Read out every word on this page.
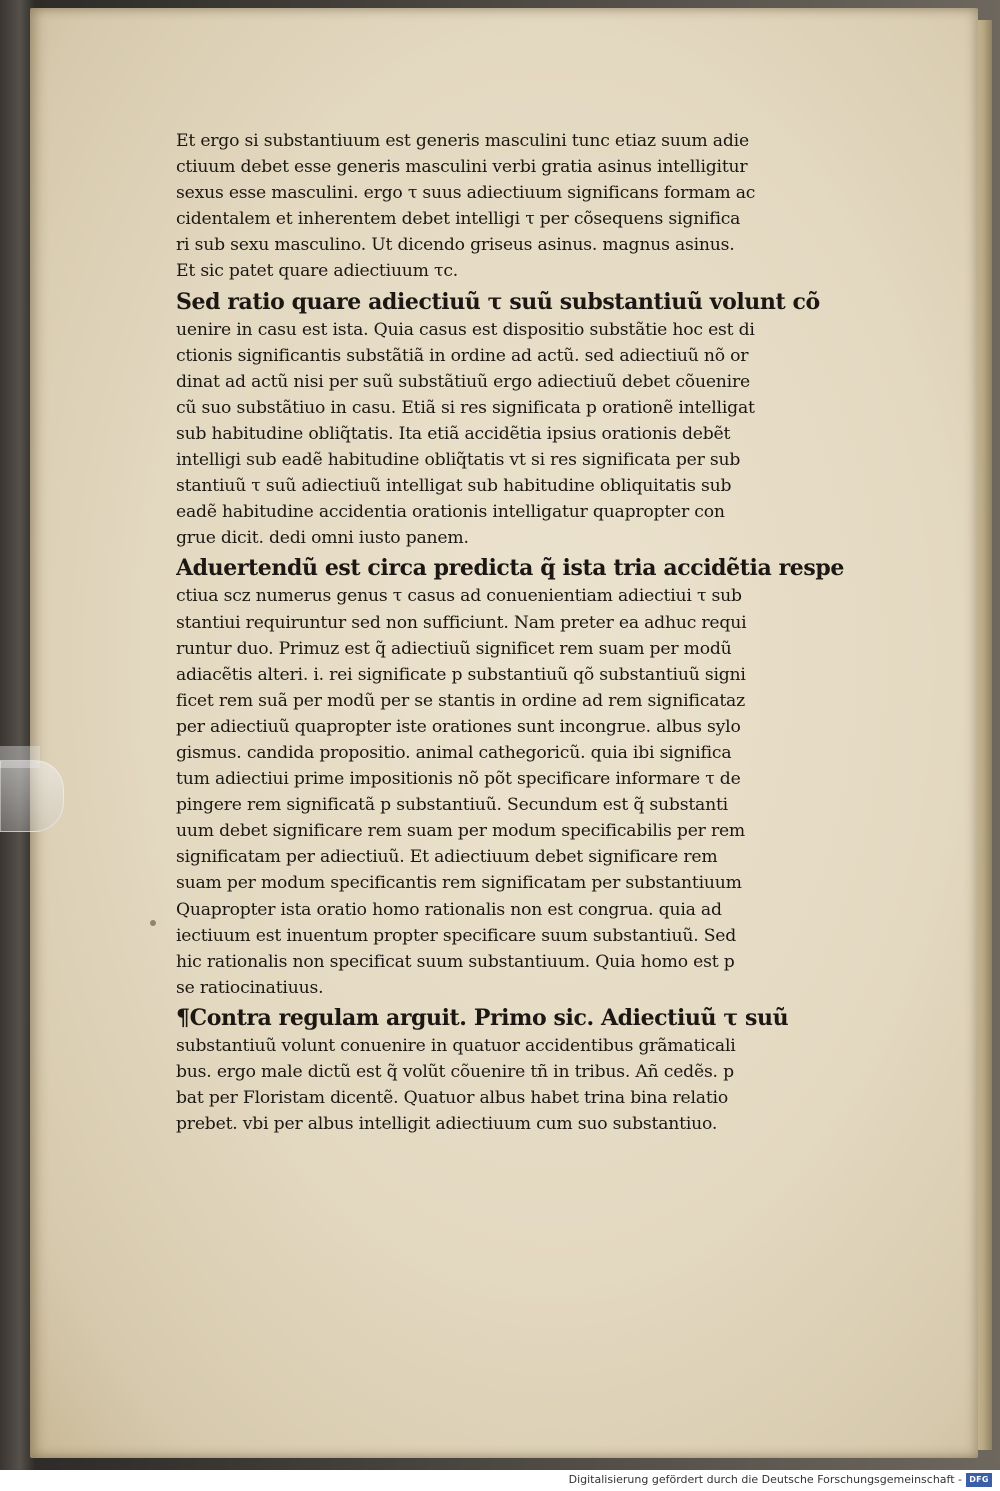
Et ergo si substantiuum est generis masculini tunc etiaz suum adie
ctiuum debet esse generis masculini verbi gratia asinus intelligitur
sexus esse masculini. ergo τ suus adiectiuum significans formam ac
cidentalem et inherentem debet intelligi τ per cõsequens significa
ri sub sexu masculino. Ut dicendo griseus asinus. magnus asinus.
Et sic patet quare adiectiuum τc.
Sed ratio quare adiectiuũ τ suũ substantiuũ volunt cõ
uenire in casu est ista. Quia casus est dispositio substãtie hoc est di
ctionis significantis substãtiã in ordine ad actũ. sed adiectiuũ nõ or
dinat ad actũ nisi per suũ substãtiuũ ergo adiectiuũ debet cõuenire
cũ suo substãtiuo in casu. Etiã si res significata p orationẽ intelligat
sub habitudine obliq̃tatis. Ita etiã accidẽtia ipsius orationis debẽt
intelligi sub eadẽ habitudine obliq̃tatis vt si res significata per sub
stantiuũ τ suũ adiectiuũ intelligat sub habitudine obliquitatis sub
eadẽ habitudine accidentia orationis intelligatur quapropter con
grue dicit. dedi omni iusto panem.
Aduertendũ est circa predicta q̃ ista tria accidẽtia respe
ctiua scz numerus genus τ casus ad conuenientiam adiectiui τ sub
stantiui requiruntur sed non sufficiunt. Nam preter ea adhuc requi
runtur duo. Primuz est q̃ adiectiuũ significet rem suam per modũ
adiacẽtis alteri. i. rei significate p substantiuũ qõ substantiuũ signi
ficet rem suã per modũ per se stantis in ordine ad rem significataz
per adiectiuũ quapropter iste orationes sunt incongrue. albus sylo
gismus. candida propositio. animal cathegoricũ. quia ibi significa
tum adiectiui prime impositionis nõ põt specificare informare τ de
pingere rem significatã p substantiuũ. Secundum est q̃ substanti
uum debet significare rem suam per modum specificabilis per rem
significatam per adiectiuũ. Et adiectiuum debet significare rem
suam per modum specificantis rem significatam per substantiuum
Quapropter ista oratio homo rationalis non est congrua. quia ad
iectiuum est inuentum propter specificare suum substantiuũ. Sed
hic rationalis non specificat suum substantiuum. Quia homo est p
se ratiocinatiuus.
¶Contra regulam arguit. Primo sic. Adiectiuũ τ suũ
substantiuũ volunt conuenire in quatuor accidentibus grãmaticali
bus. ergo male dictũ est q̃ volũt cõuenire tñ in tribus. Añ cedẽs. p
bat per Floristam dicentẽ. Quatuor albus habet trina bina relatio
prebet. vbi per albus intelligit adiectiuum cum suo substantiuo.
Digitalisierung gefördert durch die Deutsche Forschungsgemeinschaft - DFG
